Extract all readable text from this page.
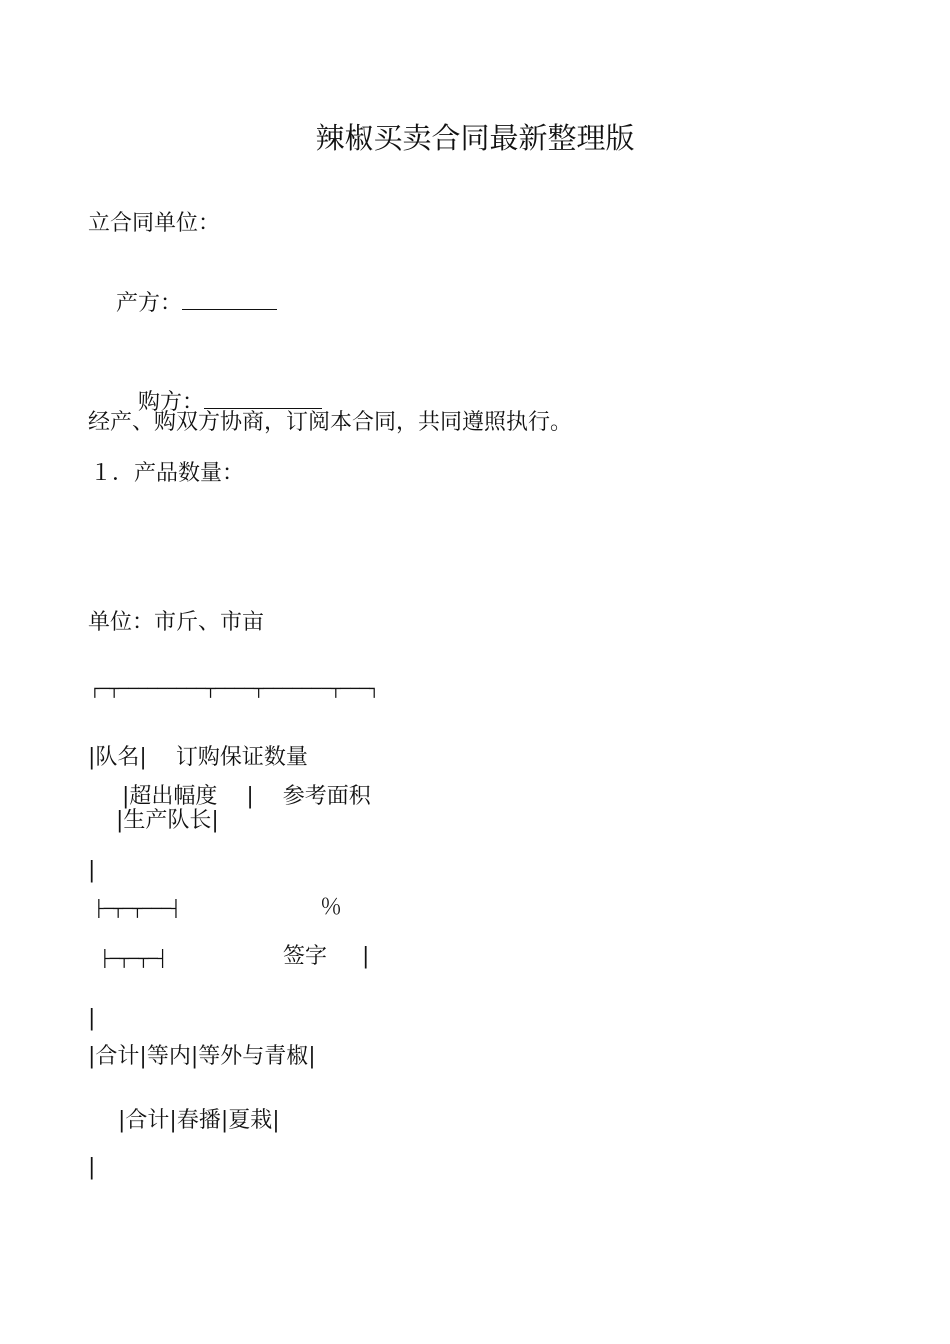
辣椒买卖合同最新整理版
立合同单位：

产方：

购方：

经产、购双方协商，订阅本合同，共同遵照执行。
１．产品数量：
单位：市斤、市亩
┌─┬─────────┬────┬───────┬───┐
|队名|　 订购保证数量
|超出幅度　 |　 参考面积
|生产队长|
|
├─┬─┬───┤	％
├─┬─┬─┤	签字 |
|
|合计|等内|等外与青椒|
|合计|春播|夏栽|
|
